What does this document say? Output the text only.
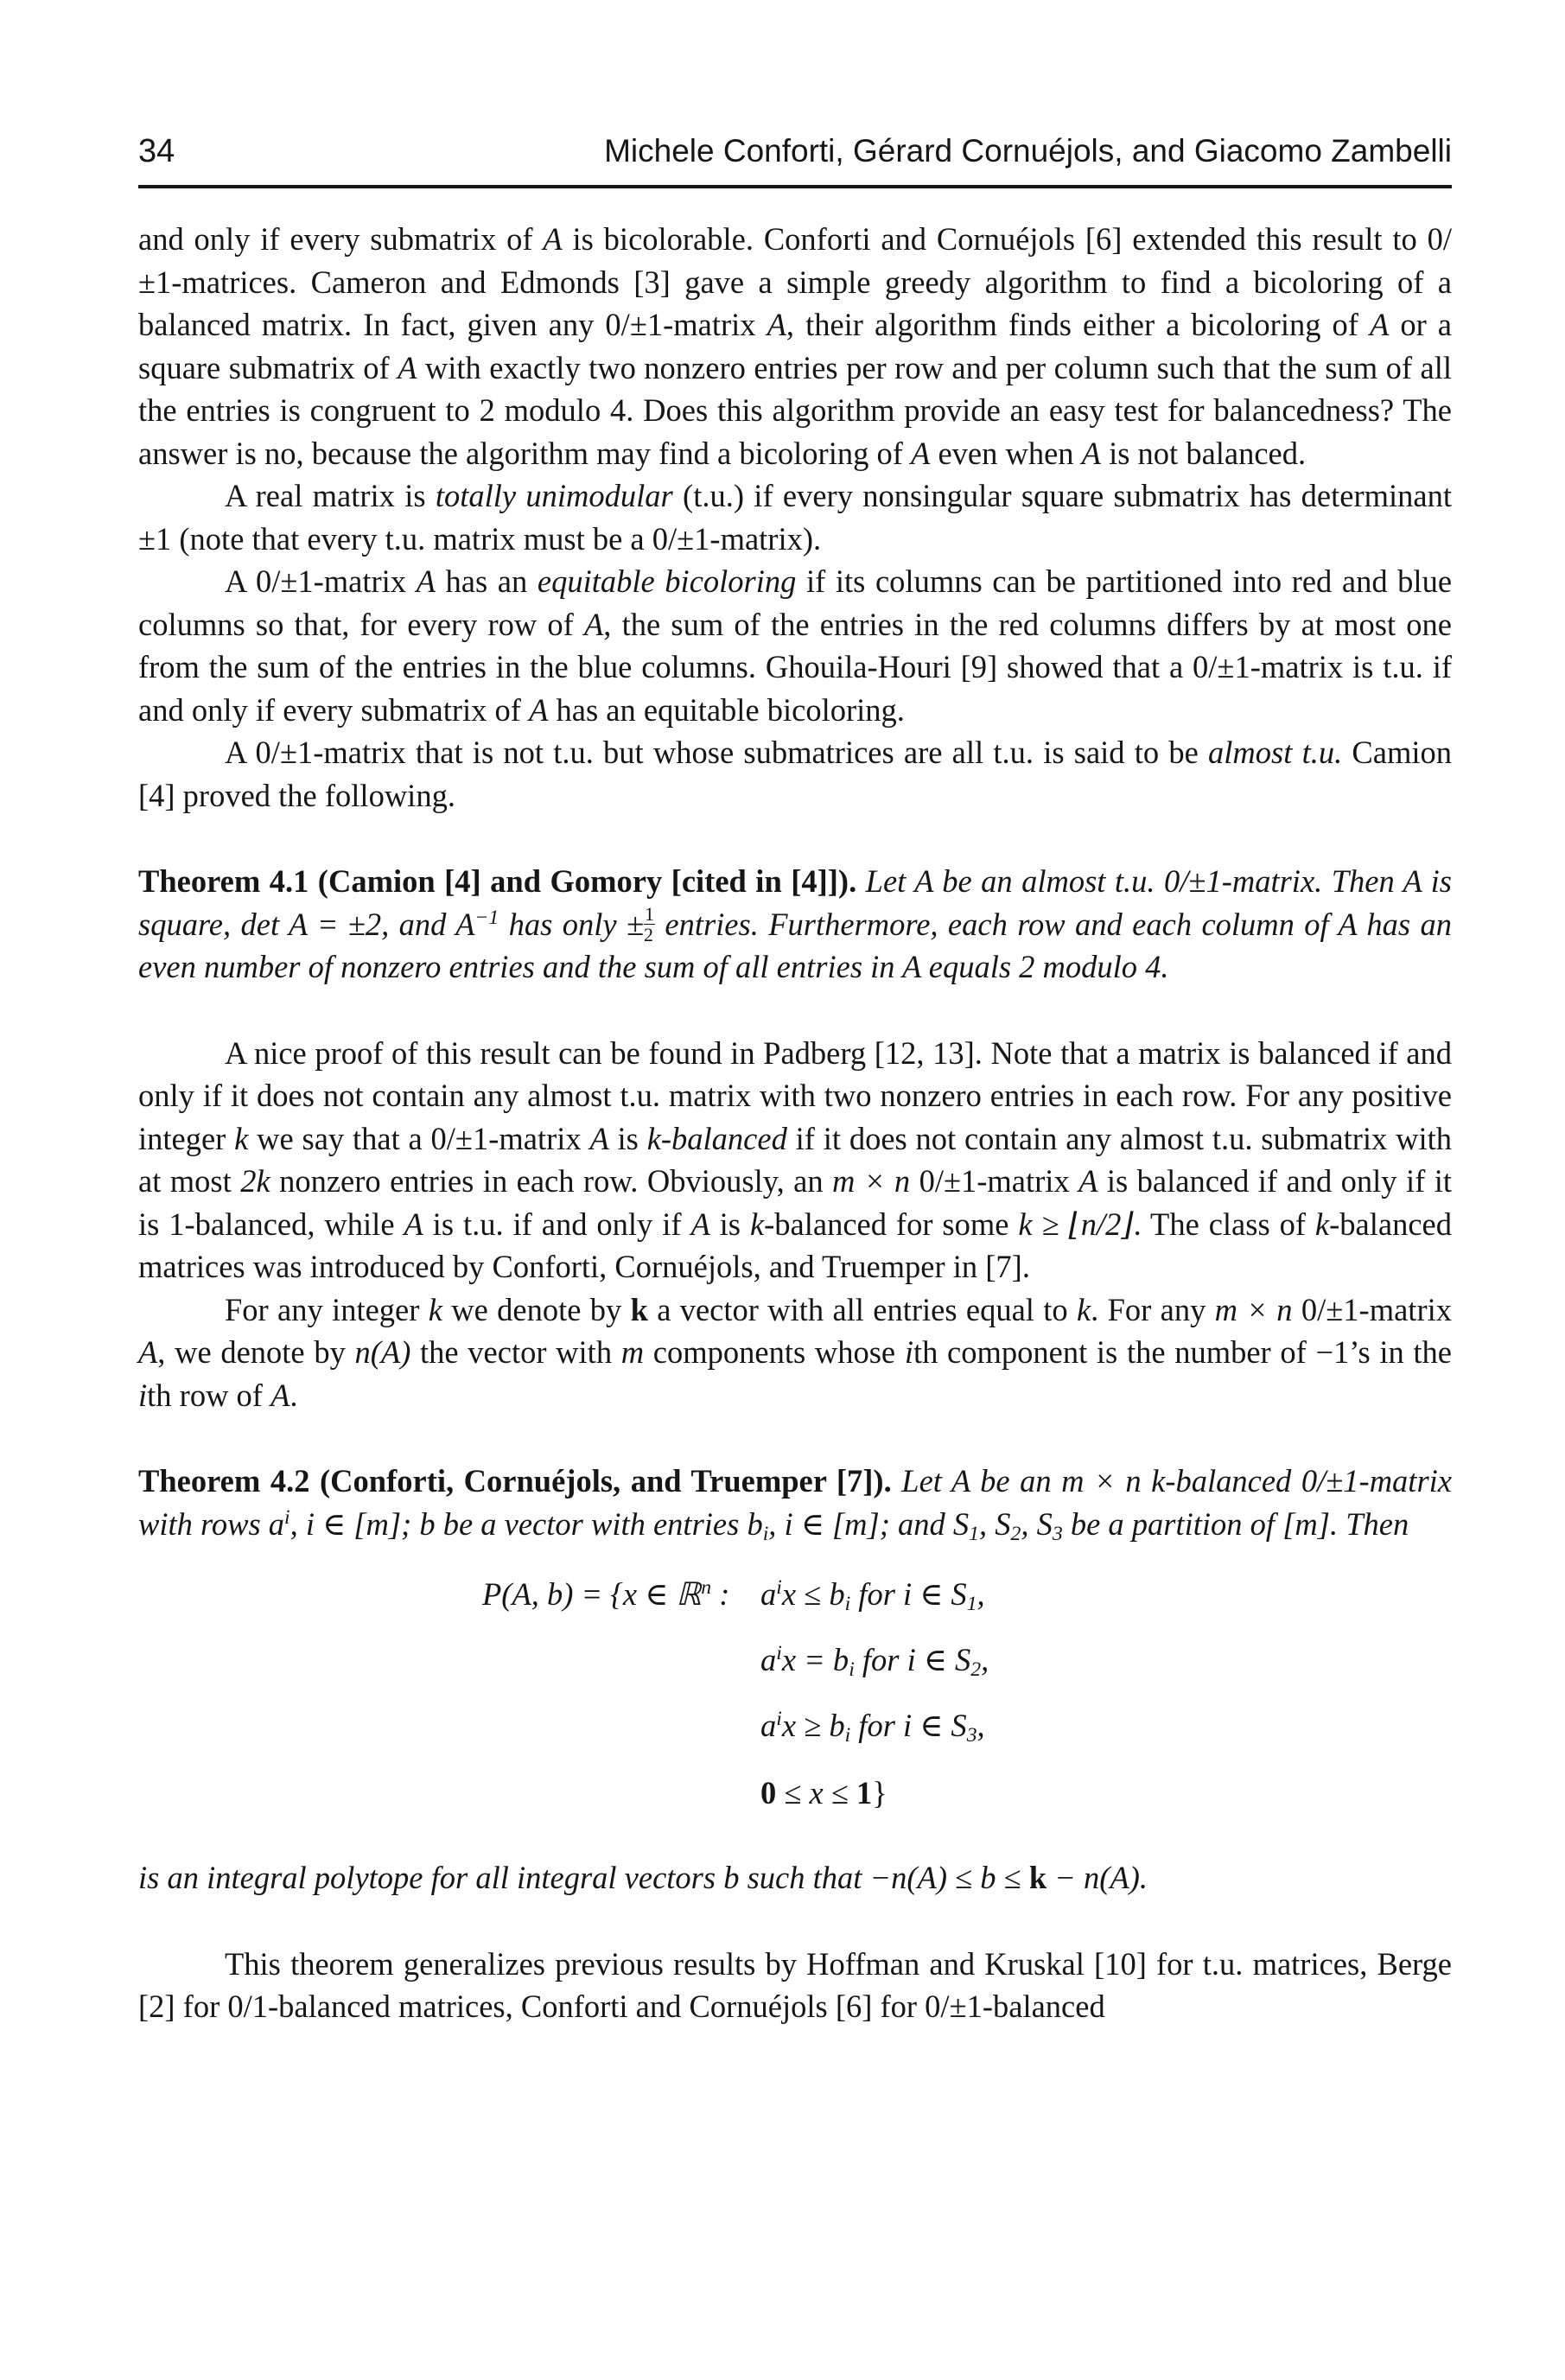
34	Michele Conforti, Gérard Cornuéjols, and Giacomo Zambelli

and only if every submatrix of A is bicolorable. Conforti and Cornuéjols [6] extended this result to 0/±1-matrices. Cameron and Edmonds [3] gave a simple greedy algorithm to find a bicoloring of a balanced matrix. In fact, given any 0/±1-matrix A, their algorithm finds either a bicoloring of A or a square submatrix of A with exactly two nonzero entries per row and per column such that the sum of all the entries is congruent to 2 modulo 4. Does this algorithm provide an easy test for balancedness? The answer is no, because the algorithm may find a bicoloring of A even when A is not balanced.

A real matrix is totally unimodular (t.u.) if every nonsingular square submatrix has determinant ±1 (note that every t.u. matrix must be a 0/±1-matrix).

A 0/±1-matrix A has an equitable bicoloring if its columns can be partitioned into red and blue columns so that, for every row of A, the sum of the entries in the red columns differs by at most one from the sum of the entries in the blue columns. Ghouila-Houri [9] showed that a 0/±1-matrix is t.u. if and only if every submatrix of A has an equitable bicoloring.

A 0/±1-matrix that is not t.u. but whose submatrices are all t.u. is said to be almost t.u. Camion [4] proved the following.

Theorem 4.1 (Camion [4] and Gomory [cited in [4]]). Let A be an almost t.u. 0/±1-matrix. Then A is square, det A = ±2, and $A^{-1}$ has only ± $\frac{1}{2}$ entries. Furthermore, each row and each column of A has an even number of nonzero entries and the sum of all entries in A equals 2 modulo 4.

A nice proof of this result can be found in Padberg [12, 13]. Note that a matrix is balanced if and only if it does not contain any almost t.u. matrix with two nonzero entries in each row. For any positive integer k we say that a 0/±1-matrix A is k-balanced if it does not contain any almost t.u. submatrix with at most 2k nonzero entries in each row. Obviously, an m × n 0/±1-matrix A is balanced if and only if it is 1-balanced, while A is t.u. if and only if A is k-balanced for some k ≥ ⌊n/2⌋. The class of k-balanced matrices was introduced by Conforti, Cornuéjols, and Truemper in [7].

For any integer k we denote by k a vector with all entries equal to k. For any m × n 0/±1-matrix A, we denote by n(A) the vector with m components whose ith component is the number of −1’s in the ith row of A.

Theorem 4.2 (Conforti, Cornuéjols, and Truemper [7]). Let A be an m × n k-balanced 0/±1-matrix with rows $a^i$, i ∈ [m]; b be a vector with entries $b_i$, i ∈ [m]; and $S_1$, $S_2$, $S_3$ be a partition of [m]. Then

P(A, b) = {x ∈ ℝ$^n$ : $a^ix \le b_i$ for i ∈ $S_1$,
$a^ix = b_i$ for i ∈ $S_2$,
$a^ix \ge b_i$ for i ∈ $S_3$,
0 ≤ x ≤ 1}

is an integral polytope for all integral vectors b such that −n(A) ≤ b ≤ k − n(A).

This theorem generalizes previous results by Hoffman and Kruskal [10] for t.u. matrices, Berge [2] for 0/1-balanced matrices, Conforti and Cornuéjols [6] for 0/±1-balanced
